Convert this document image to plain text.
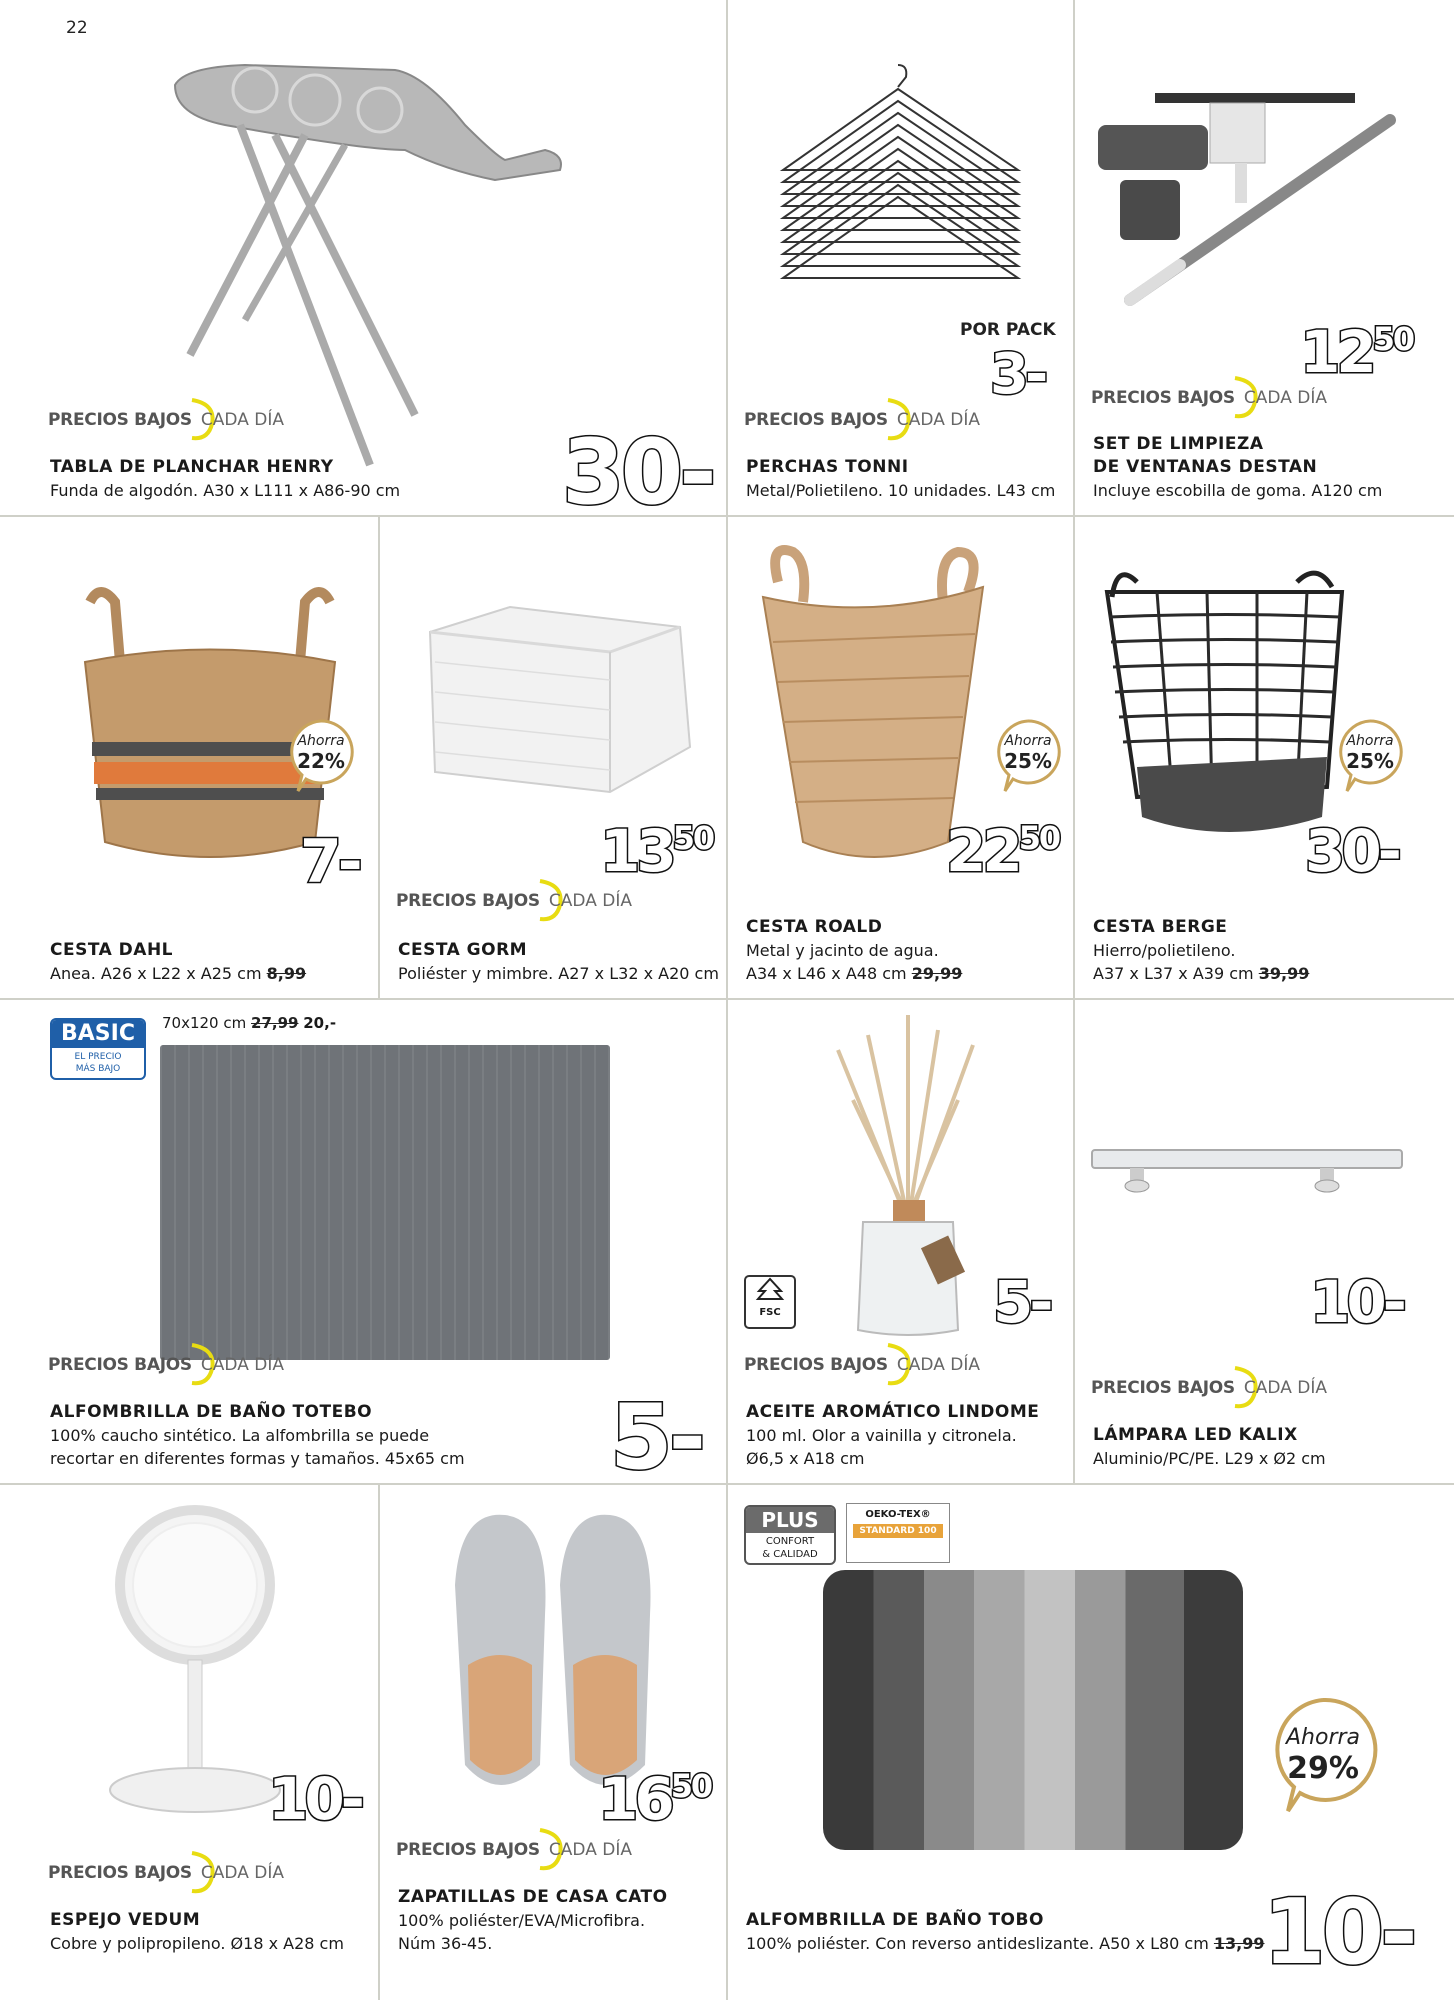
22
PRECIOS BAJOS CADA DÍA
TABLA DE PLANCHAR HENRY
Funda de algodón. A30 x L111 x A86-90 cm 30-
POR PACK
3-
PRECIOS BAJOS CADA DÍA
PERCHAS TONNI
Metal/Polietileno. 10 unidades. L43 cm
$12^{50}$
PRECIOS BAJOS CADA DÍA
SET DE LIMPIEZA
DE VENTANAS DESTAN
Incluye escobilla de goma. A120 cm
Ahorra
22%
7-
CESTA DAHL
Anea. A26 x L22 x A25 cm 8,99
$13^{50}$
PRECIOS BAJOS CADA DÍA
CESTA GORM
Poliéster y mimbre. A27 x L32 x A20 cm
Ahorra
25%
$22^{50}$
CESTA ROALD
Metal y jacinto de agua.
A34 x L46 x A48 cm 29,99
Ahorra
25%
30-
CESTA BERGE
Hierro/polietileno.
A37 x L37 x A39 cm 39,99
BASIC
EL PRECIO
MÁS BAJO
70x120 cm 27,99 20,-
PRECIOS BAJOS CADA DÍA
ALFOMBRILLA DE BAÑO TOTEBO
100% caucho sintético. La alfombrilla se puede
recortar en diferentes formas y tamaños. 45x65 cm 5-
FSC	5-
PRECIOS BAJOS CADA DÍA
ACEITE AROMÁTICO LINDOME
100 ml. Olor a vainilla y citronela.
Ø6,5 x A18 cm
10-
PRECIOS BAJOS CADA DÍA
LÁMPARA LED KALIX
Aluminio/PC/PE. L29 x Ø2 cm
10-
PRECIOS BAJOS CADA DÍA
ESPEJO VEDUM
Cobre y polipropileno. Ø18 x A28 cm
$16^{50}$
PRECIOS BAJOS CADA DÍA
ZAPATILLAS DE CASA CATO
100% poliéster/EVA/Microfibra.
Núm 36-45.
PLUS
CONFORT
& CALIDAD
OEKO-TEX®
STANDARD 100
Ahorra
29%
ALFOMBRILLA DE BAÑO TOBO
100% poliéster. Con reverso antideslizante. A50 x L80 cm 13,99
10-
